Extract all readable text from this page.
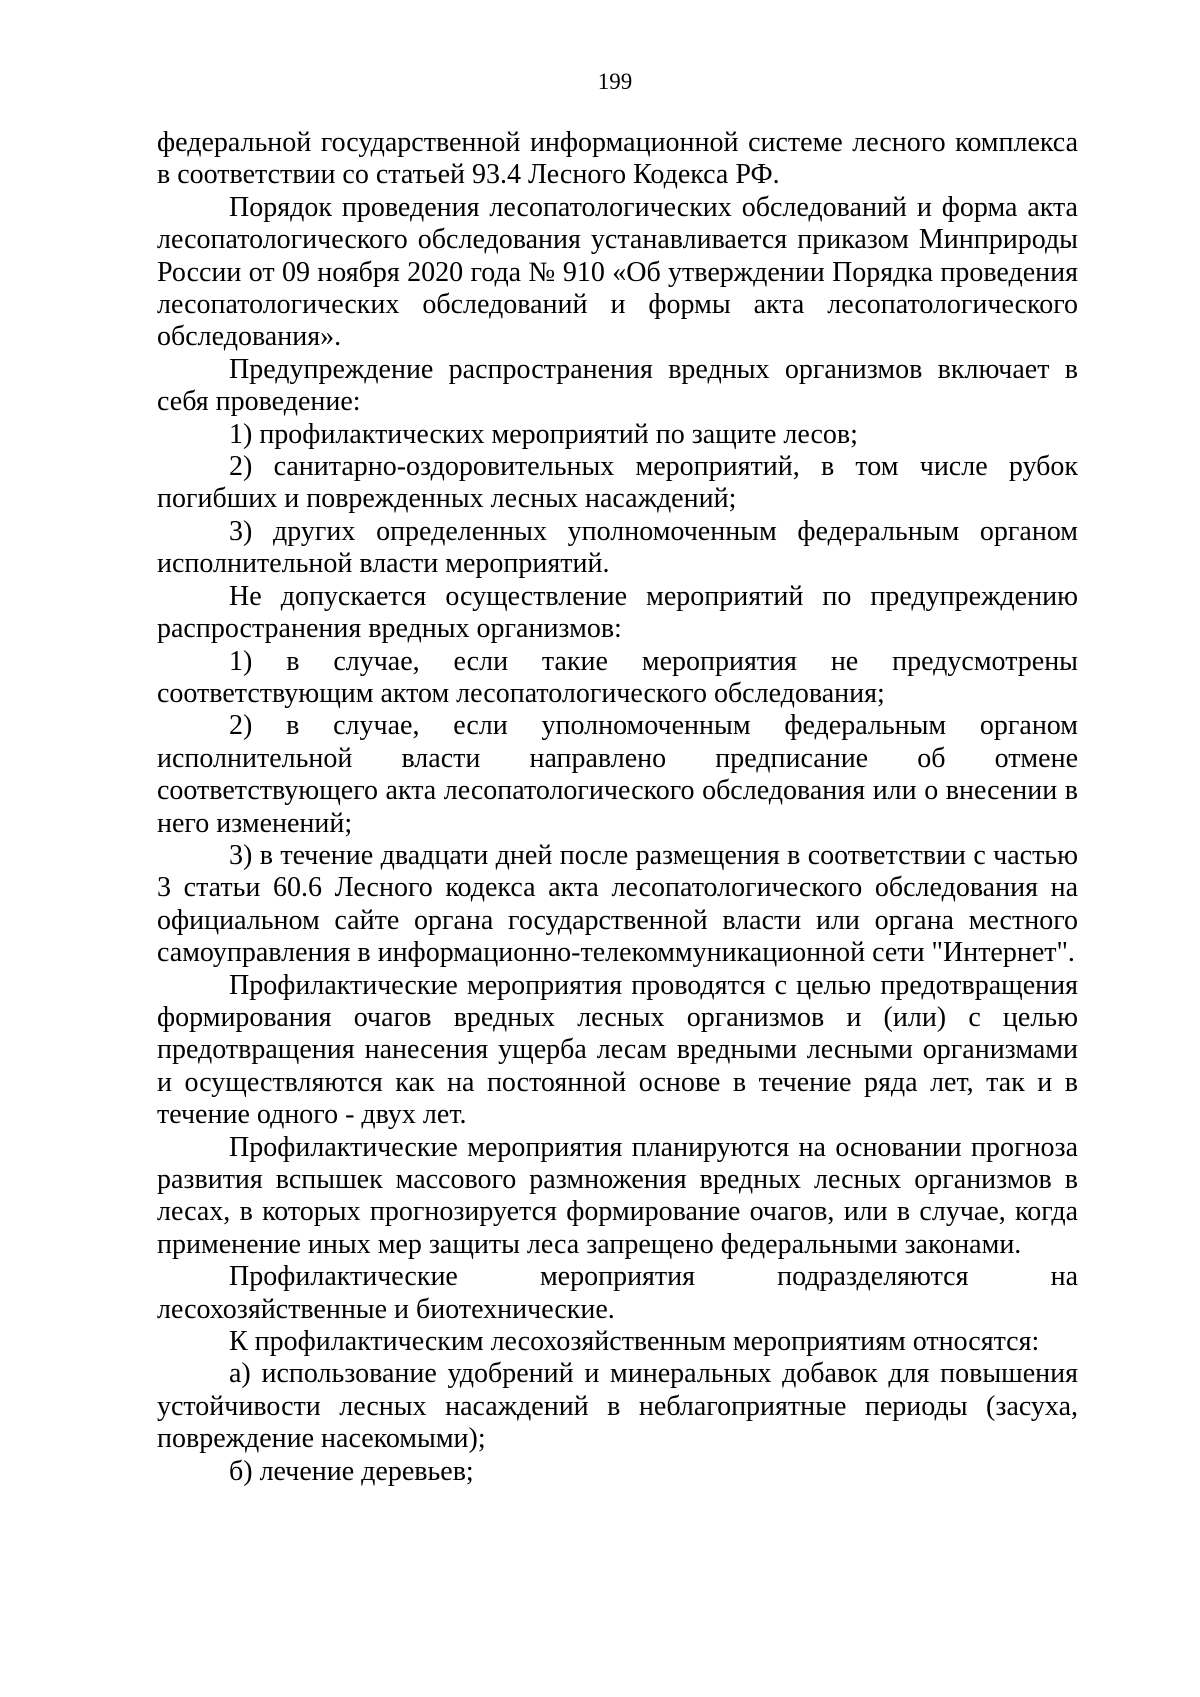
199

федеральной государственной информационной системе лесного комплекса в соответствии со статьей 93.4 Лесного Кодекса РФ.

Порядок проведения лесопатологических обследований и форма акта лесопатологического обследования устанавливается приказом Минприроды России от 09 ноября 2020 года № 910 «Об утверждении Порядка проведения лесопатологических обследований и формы акта лесопатологического обследования».

Предупреждение распространения вредных организмов включает в себя проведение:

1) профилактических мероприятий по защите лесов;

2) санитарно-оздоровительных мероприятий, в том числе рубок погибших и поврежденных лесных насаждений;

3) других определенных уполномоченным федеральным органом исполнительной власти мероприятий.

Не допускается осуществление мероприятий по предупреждению распространения вредных организмов:

1) в случае, если такие мероприятия не предусмотрены соответствующим актом лесопатологического обследования;

2) в случае, если уполномоченным федеральным органом исполнительной власти направлено предписание об отмене соответствующего акта лесопатологического обследования или о внесении в него изменений;

3) в течение двадцати дней после размещения в соответствии с частью 3 статьи 60.6 Лесного кодекса акта лесопатологического обследования на официальном сайте органа государственной власти или органа местного самоуправления в информационно-телекоммуникационной сети "Интернет".

Профилактические мероприятия проводятся с целью предотвращения формирования очагов вредных лесных организмов и (или) с целью предотвращения нанесения ущерба лесам вредными лесными организмами и осуществляются как на постоянной основе в течение ряда лет, так и в течение одного - двух лет.

Профилактические мероприятия планируются на основании прогноза развития вспышек массового размножения вредных лесных организмов в лесах, в которых прогнозируется формирование очагов, или в случае, когда применение иных мер защиты леса запрещено федеральными законами.

Профилактические мероприятия подразделяются на лесохозяйственные и биотехнические.

К профилактическим лесохозяйственным мероприятиям относятся:

а) использование удобрений и минеральных добавок для повышения устойчивости лесных насаждений в неблагоприятные периоды (засуха, повреждение насекомыми);

б) лечение деревьев;
